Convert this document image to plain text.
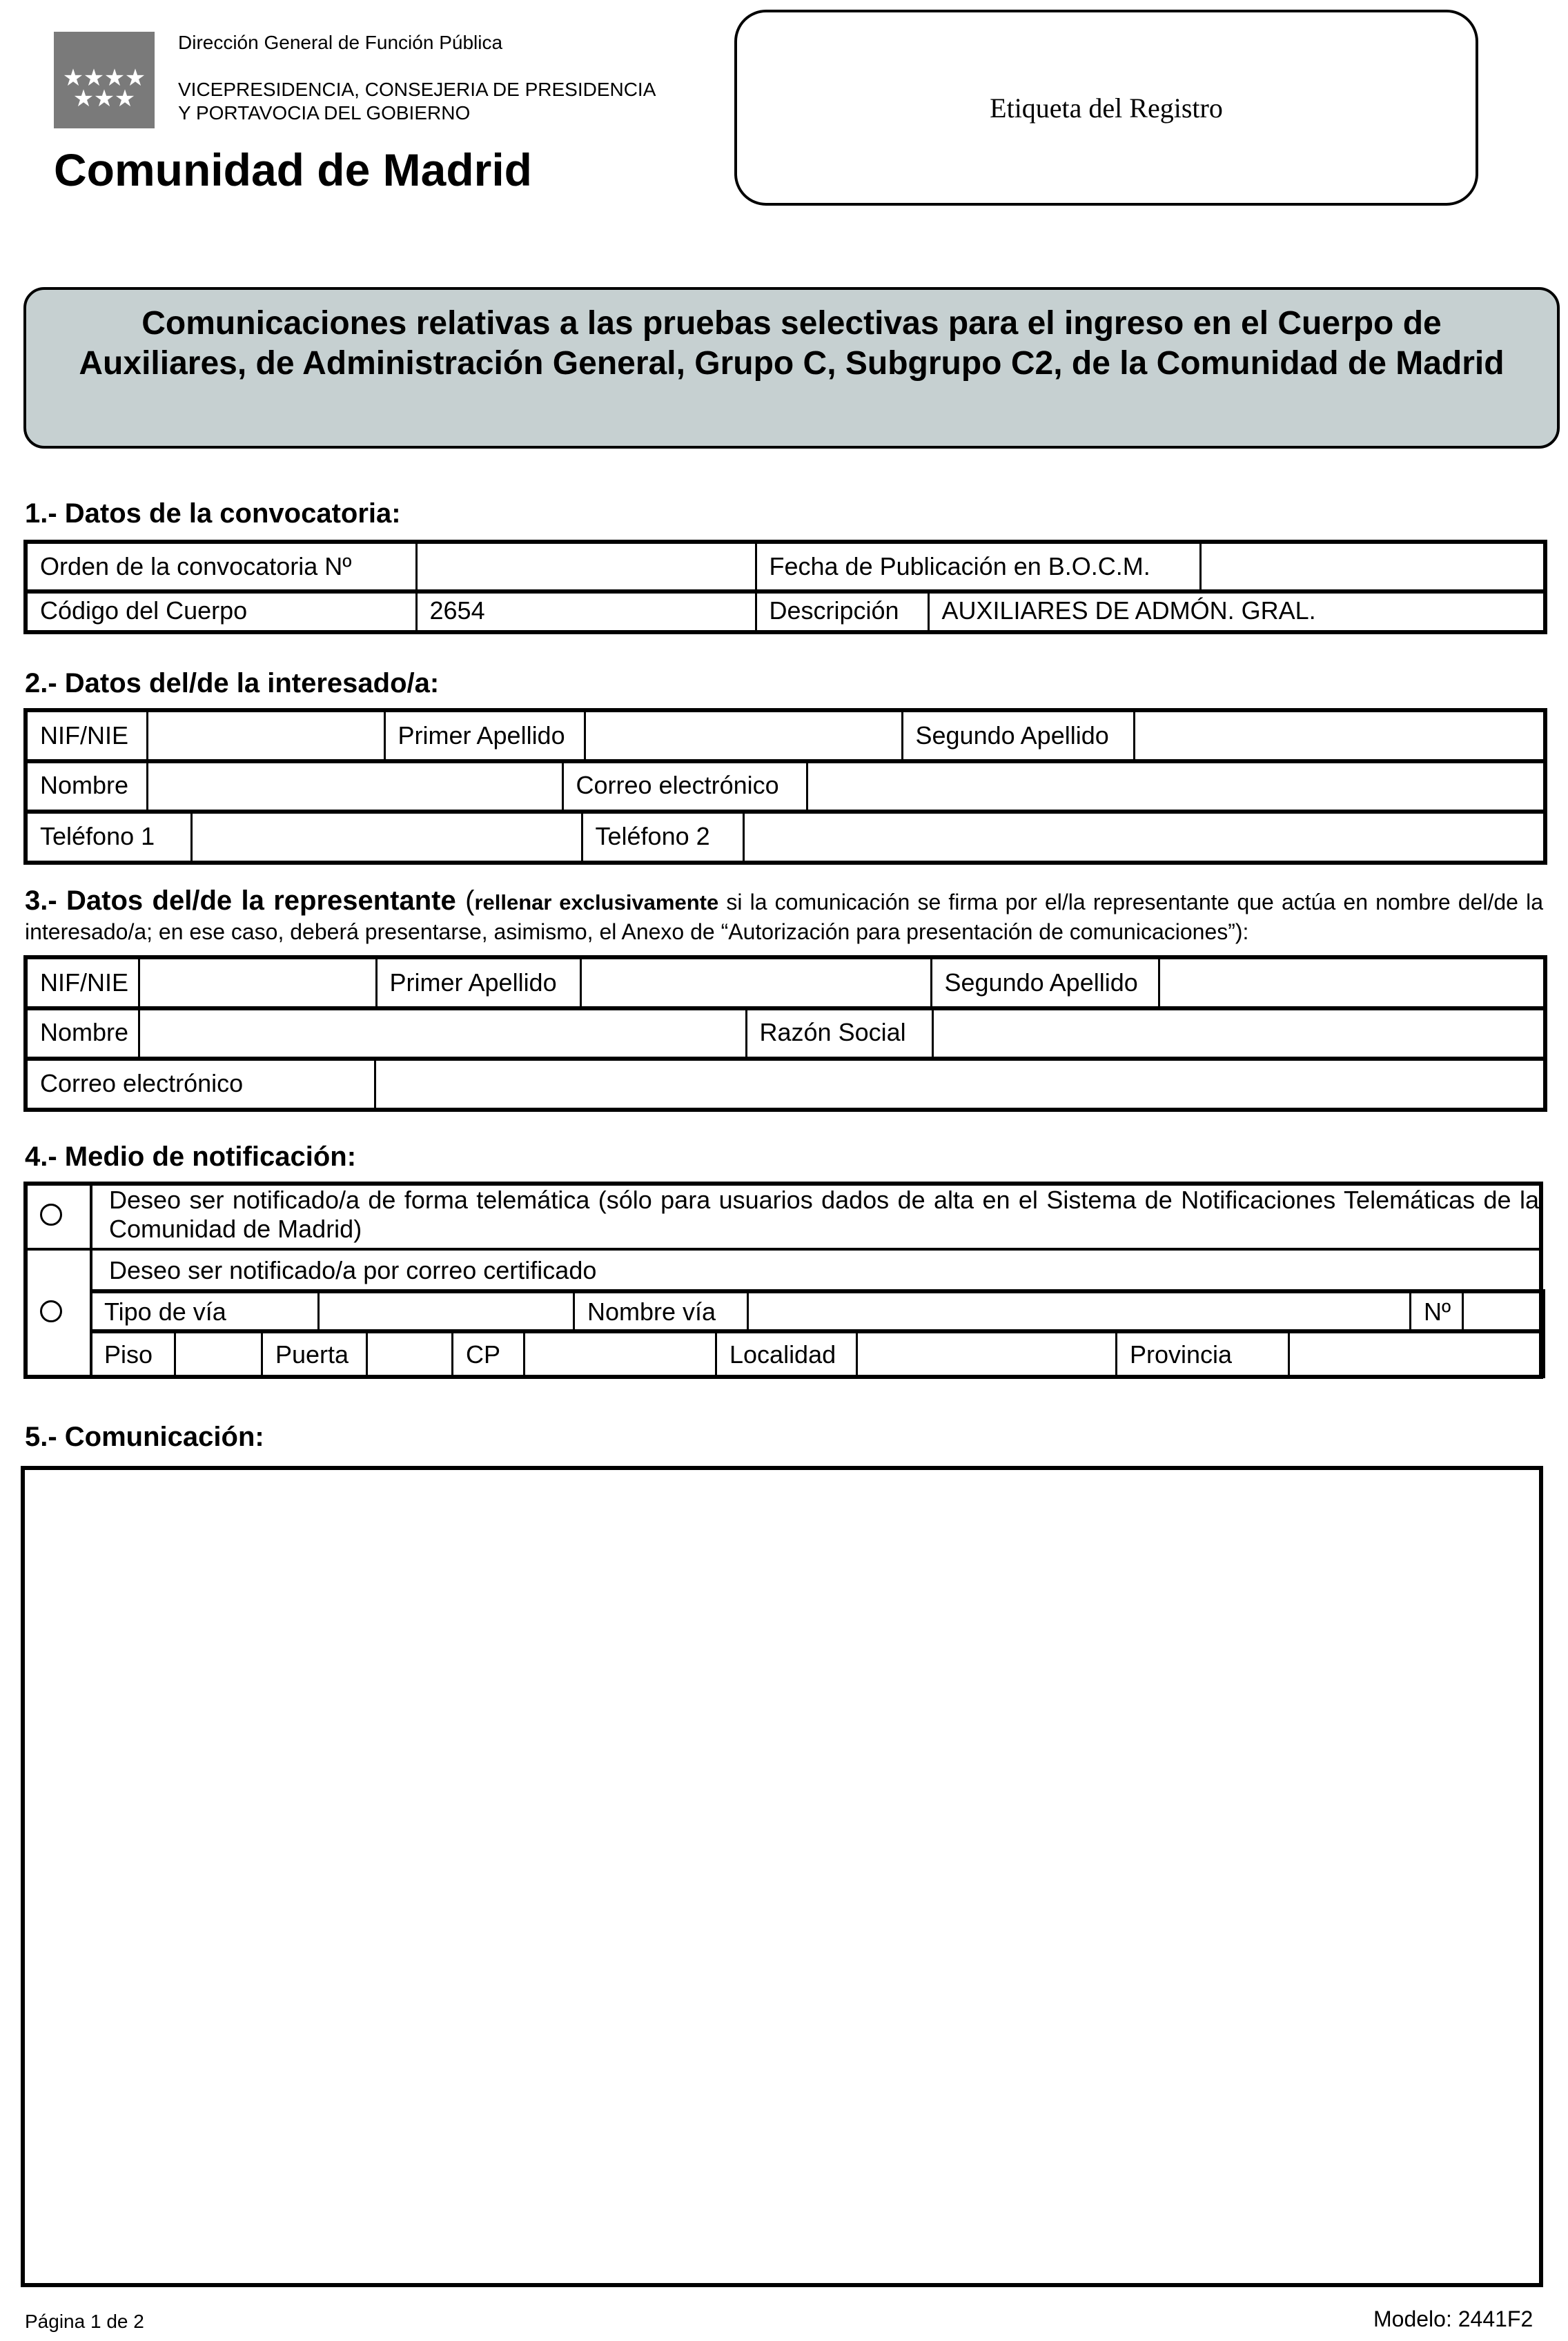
★ ★ ★ ★
★ ★ ★
Dirección General de Función Pública
VICEPRESIDENCIA, CONSEJERIA DE PRESIDENCIA
Y PORTAVOCIA DEL GOBIERNO
Comunidad de Madrid
Etiqueta del Registro
Comunicaciones relativas a las pruebas selectivas para el ingreso en el Cuerpo de
Auxiliares, de Administración General, Grupo C, Subgrupo C2, de la Comunidad de Madrid
1.- Datos de la convocatoria:
Orden de la convocatoria Nº		Fecha de Publicación en B.O.C.M.	
Código del Cuerpo	2654	Descripción	AUXILIARES DE ADMÓN. GRAL.
2.- Datos del/de la interesado/a:
NIF/NIE		Primer Apellido		Segundo Apellido	
Nombre		Correo electrónico	
Teléfono 1		Teléfono 2	
3.- Datos del/de la representante (rellenar exclusivamente si la comunicación se firma por el/la representante que actúa en nombre del/de la interesado/a; en ese caso, deberá presentarse, asimismo, el Anexo de “Autorización para presentación de comunicaciones”):
NIF/NIE		Primer Apellido		Segundo Apellido	
Nombre		Razón Social	
Correo electrónico	
4.- Medio de notificación:
Deseo ser notificado/a de forma telemática (sólo para usuarios dados de alta en el Sistema de Notificaciones Telemáticas de la Comunidad de Madrid)
Deseo ser notificado/a por correo certificado
Tipo de vía		Nombre vía		Nº	
Piso		Puerta		CP		Localidad		Provincia	
5.- Comunicación:
Página 1 de 2	Modelo: 2441F2
